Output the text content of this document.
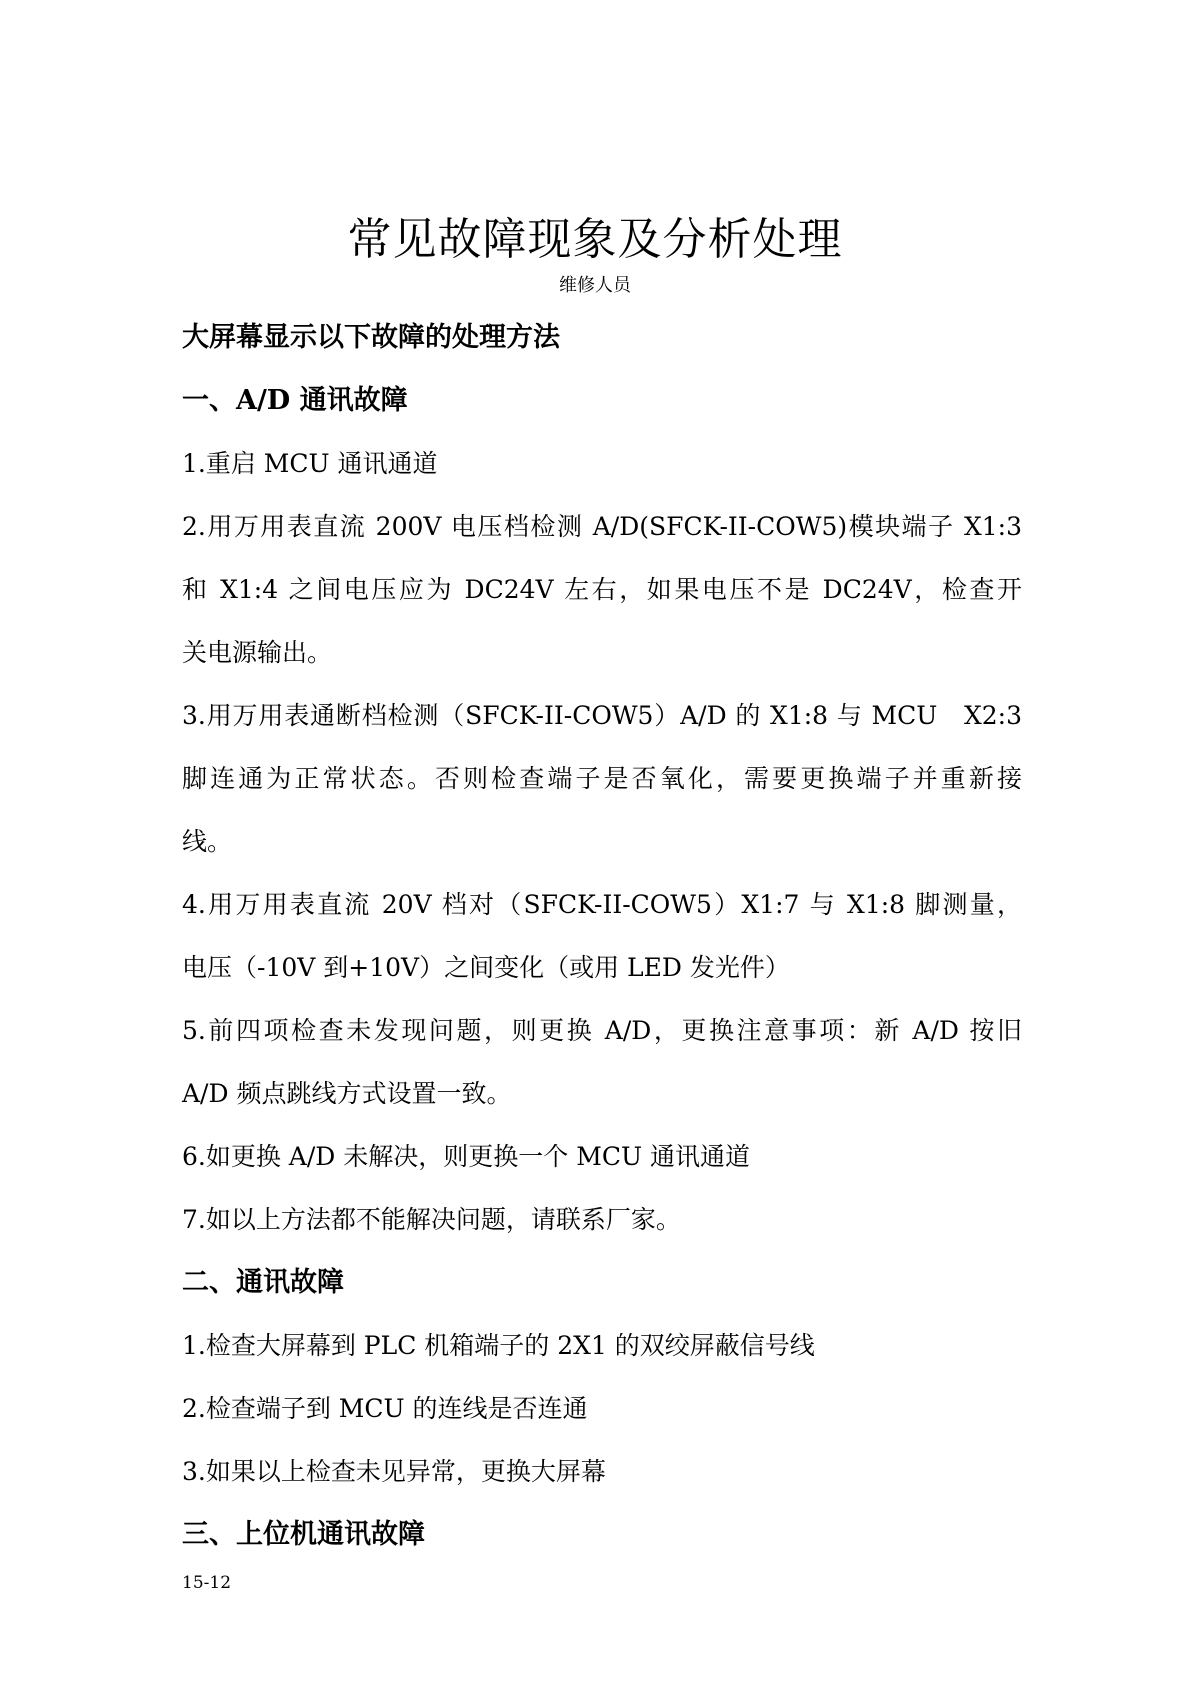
常见故障现象及分析处理
维修人员
大屏幕显示以下故障的处理方法
一、A/D 通讯故障
1.重启 MCU 通讯通道
2.用万用表直流 200V 电压档检测 A/D(SFCK-II-COW5)模块端子 X1:3
和 X1:4 之间电压应为 DC24V 左右，如果电压不是 DC24V，检查开
关电源输出。
3.用万用表通断档检测（SFCK-II-COW5）A/D 的 X1:8 与 MCU　X2:3
脚连通为正常状态。否则检查端子是否氧化，需要更换端子并重新接
线。
4.用万用表直流 20V 档对（SFCK-II-COW5）X1:7 与 X1:8 脚测量，
电压（-10V 到+10V）之间变化（或用 LED 发光件）
5.前四项检查未发现问题，则更换 A/D，更换注意事项：新 A/D 按旧
A/D 频点跳线方式设置一致。
6.如更换 A/D 未解决，则更换一个 MCU 通讯通道
7.如以上方法都不能解决问题，请联系厂家。
二、通讯故障
1.检查大屏幕到 PLC 机箱端子的 2X1 的双绞屏蔽信号线
2.检查端子到 MCU 的连线是否连通
3.如果以上检查未见异常，更换大屏幕
三、上位机通讯故障
15-12
